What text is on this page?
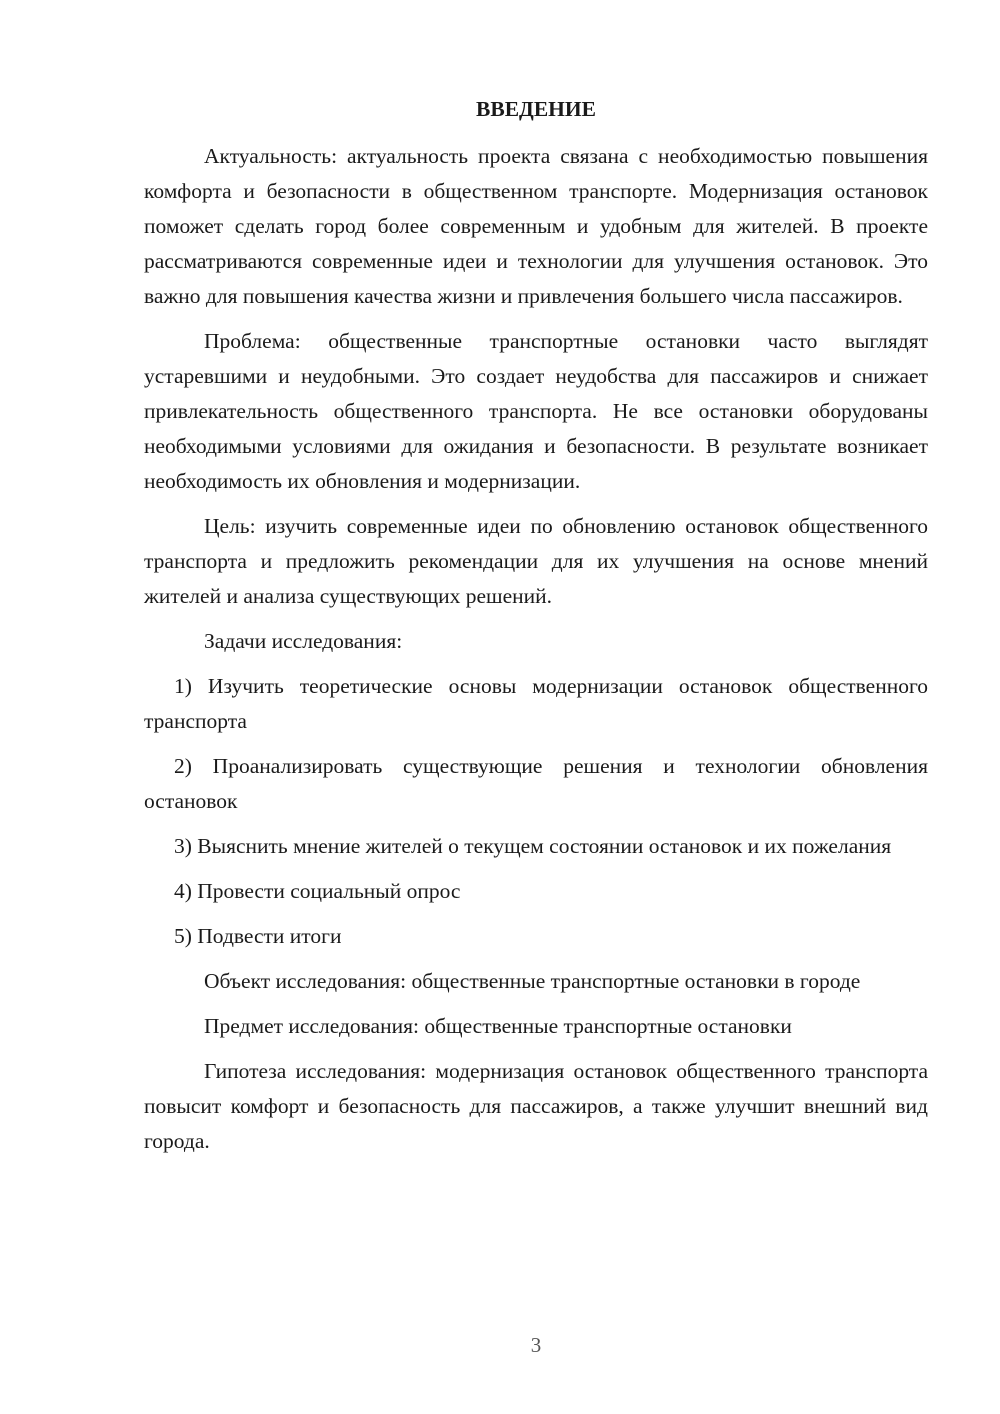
ВВЕДЕНИЕ

Актуальность: актуальность проекта связана с необходимостью повышения комфорта и безопасности в общественном транспорте. Модернизация остановок поможет сделать город более современным и удобным для жителей. В проекте рассматриваются современные идеи и технологии для улучшения остановок. Это важно для повышения качества жизни и привлечения большего числа пассажиров.

Проблема: общественные транспортные остановки часто выглядят устаревшими и неудобными. Это создает неудобства для пассажиров и снижает привлекательность общественного транспорта. Не все остановки оборудованы необходимыми условиями для ожидания и безопасности. В результате возникает необходимость их обновления и модернизации.

Цель: изучить современные идеи по обновлению остановок общественного транспорта и предложить рекомендации для их улучшения на основе мнений жителей и анализа существующих решений.

Задачи исследования:

1) Изучить теоретические основы модернизации остановок общественного транспорта

2) Проанализировать существующие решения и технологии обновления остановок

3) Выяснить мнение жителей о текущем состоянии остановок и их пожелания

4) Провести социальный опрос

5) Подвести итоги

Объект исследования: общественные транспортные остановки в городе

Предмет исследования: общественные транспортные остановки

Гипотеза исследования: модернизация остановок общественного транспорта повысит комфорт и безопасность для пассажиров, а также улучшит внешний вид города.

3
